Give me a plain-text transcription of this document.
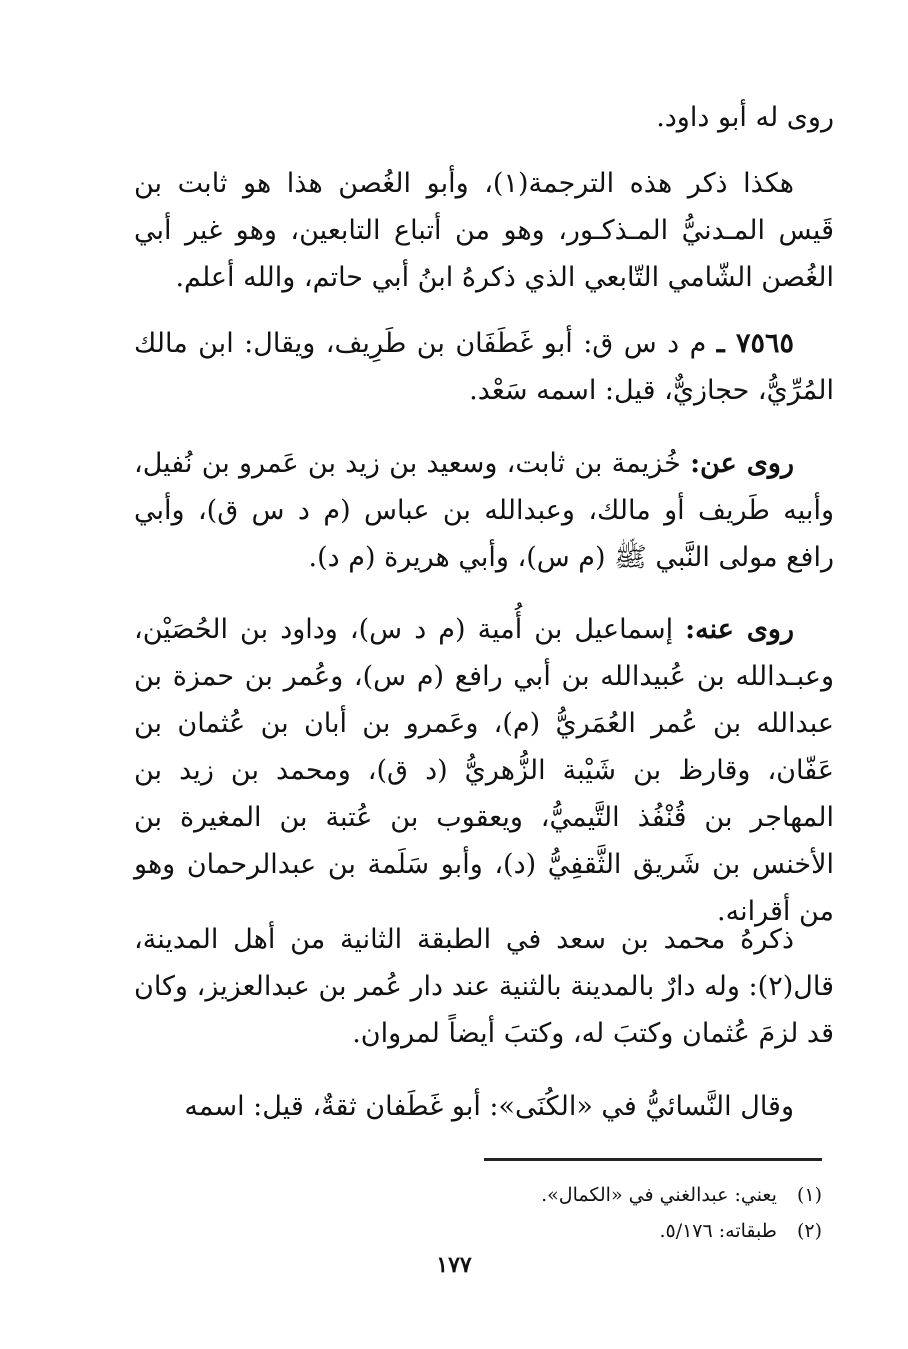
روى له أبو داود.
هكذا ذكر هذه الترجمة(١)، وأبو الغُصن هذا هو ثابت بن قَيس المـدنيُّ المـذكـور، وهو من أتباع التابعين، وهو غير أبي الغُصن الشّامي التّابعي الذي ذكرهُ ابنُ أبي حاتم، والله أعلم.
٧٥٦٥ ـ م د س ق: أبو غَطَفَان بن طَرِيف، ويقال: ابن مالك المُرِّيُّ، حجازيٌّ، قيل: اسمه سَعْد.
روى عن: خُزيمة بن ثابت، وسعيد بن زيد بن عَمرو بن نُفيل، وأبيه طَريف أو مالك، وعبدالله بن عباس (م د س ق)، وأبي رافع مولى النَّبي ﷺ (م س)، وأبي هريرة (م د).
روى عنه: إسماعيل بن أُمية (م د س)، وداود بن الحُصَيْن، وعبـدالله بن عُبيدالله بن أبي رافع (م س)، وعُمر بن حمزة بن عبدالله بن عُمر العُمَريُّ (م)، وعَمرو بن أبان بن عُثمان بن عَفّان، وقارظ بن شَيْبة الزُّهريُّ (د ق)، ومحمد بن زيد بن المهاجر بن قُنْفُذ التَّيميُّ، ويعقوب بن عُتبة بن المغيرة بن الأخنس بن شَريق الثَّقفِيُّ (د)، وأبو سَلَمة بن عبدالرحمان وهو من أقرانه.
ذكرهُ محمد بن سعد في الطبقة الثانية من أهل المدينة، قال(٢): وله دارٌ بالمدينة بالثنية عند دار عُمر بن عبدالعزيز، وكان قد لزمَ عُثمان وكتبَ له، وكتبَ أيضاً لمروان.
وقال النَّسائيُّ في «الكُنَى»: أبو غَطَفان ثقةٌ، قيل: اسمه
(١) يعني: عبدالغني في «الكمال».
(٢) طبقاته: ٥/١٧٦.
١٧٧
